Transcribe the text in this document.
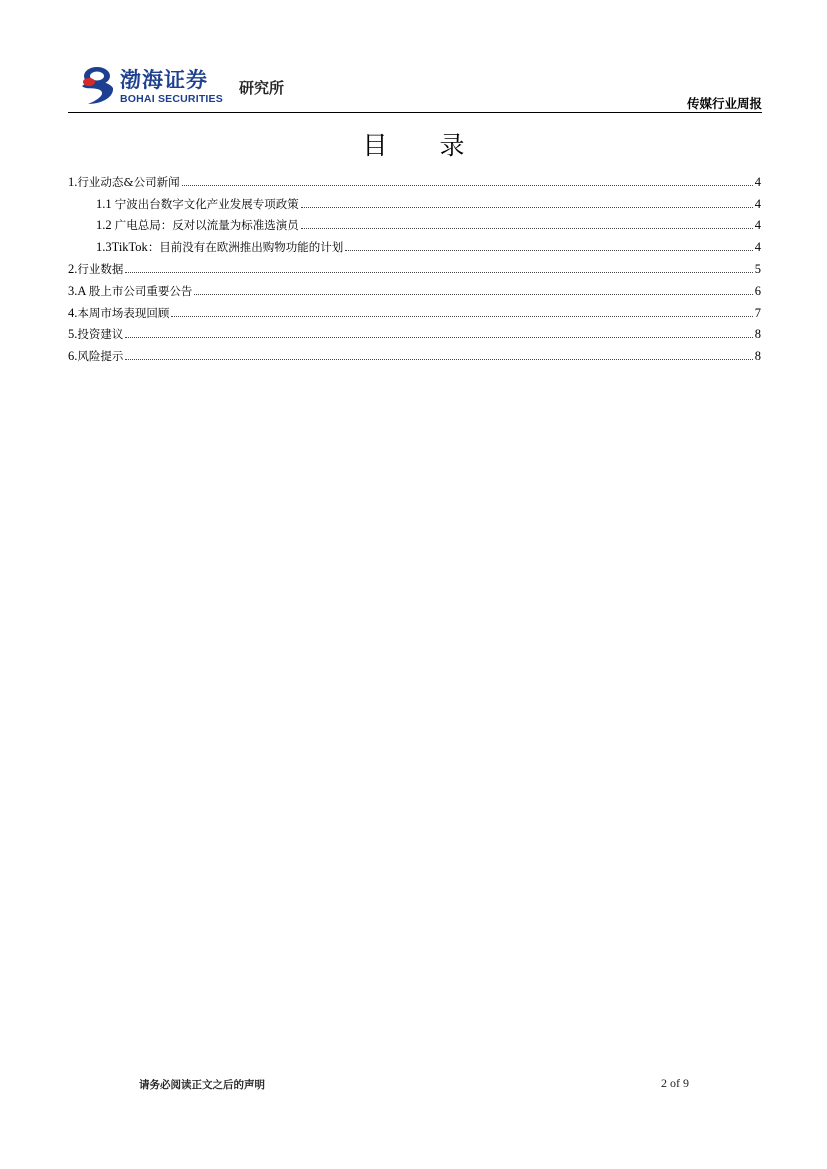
渤海证券
BOHAI SECURITIES
研究所
传媒行业周报
目 录
1.行业动态&公司新闻	4
1.1 宁波出台数字文化产业发展专项政策	4
1.2 广电总局：反对以流量为标准选演员	4
1.3TikTok：目前没有在欧洲推出购物功能的计划	4
2.行业数据	5
3.A 股上市公司重要公告	6
4.本周市场表现回顾	7
5.投资建议	8
6.风险提示	8
请务必阅读正文之后的声明	2 of 9
